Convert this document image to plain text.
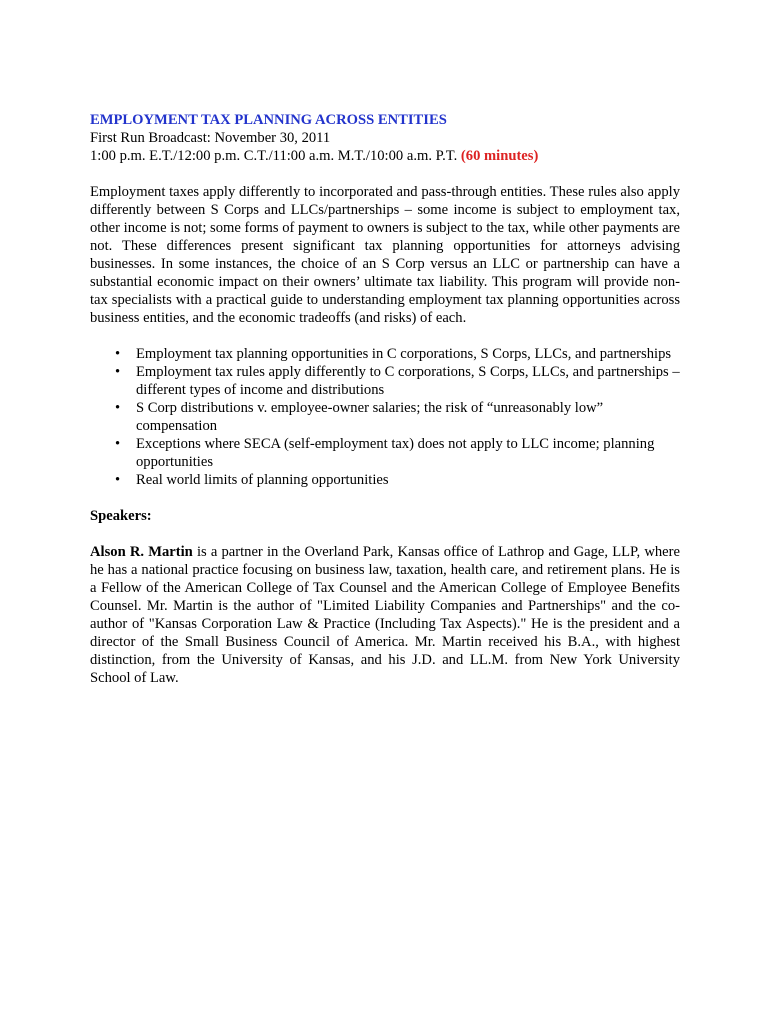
EMPLOYMENT TAX PLANNING ACROSS ENTITIES

First Run Broadcast: November 30, 2011

1:00 p.m. E.T./12:00 p.m. C.T./11:00 a.m. M.T./10:00 a.m. P.T. (60 minutes)

Employment taxes apply differently to incorporated and pass-through entities. These rules also apply differently between S Corps and LLCs/partnerships – some income is subject to employment tax, other income is not; some forms of payment to owners is subject to the tax, while other payments are not. These differences present significant tax planning opportunities for attorneys advising businesses. In some instances, the choice of an S Corp versus an LLC or partnership can have a substantial economic impact on their owners’ ultimate tax liability. This program will provide non-tax specialists with a practical guide to understanding employment tax planning opportunities across business entities, and the economic tradeoffs (and risks) of each.

• Employment tax planning opportunities in C corporations, S Corps, LLCs, and partnerships
• Employment tax rules apply differently to C corporations, S Corps, LLCs, and partnerships – different types of income and distributions
• S Corp distributions v. employee-owner salaries; the risk of “unreasonably low” compensation
• Exceptions where SECA (self-employment tax) does not apply to LLC income; planning opportunities
• Real world limits of planning opportunities

Speakers:

Alson R. Martin is a partner in the Overland Park, Kansas office of Lathrop and Gage, LLP, where he has a national practice focusing on business law, taxation, health care, and retirement plans. He is a Fellow of the American College of Tax Counsel and the American College of Employee Benefits Counsel. Mr. Martin is the author of "Limited Liability Companies and Partnerships" and the co-author of "Kansas Corporation Law & Practice (Including Tax Aspects)." He is the president and a director of the Small Business Council of America. Mr. Martin received his B.A., with highest distinction, from the University of Kansas, and his J.D. and LL.M. from New York University School of Law.
